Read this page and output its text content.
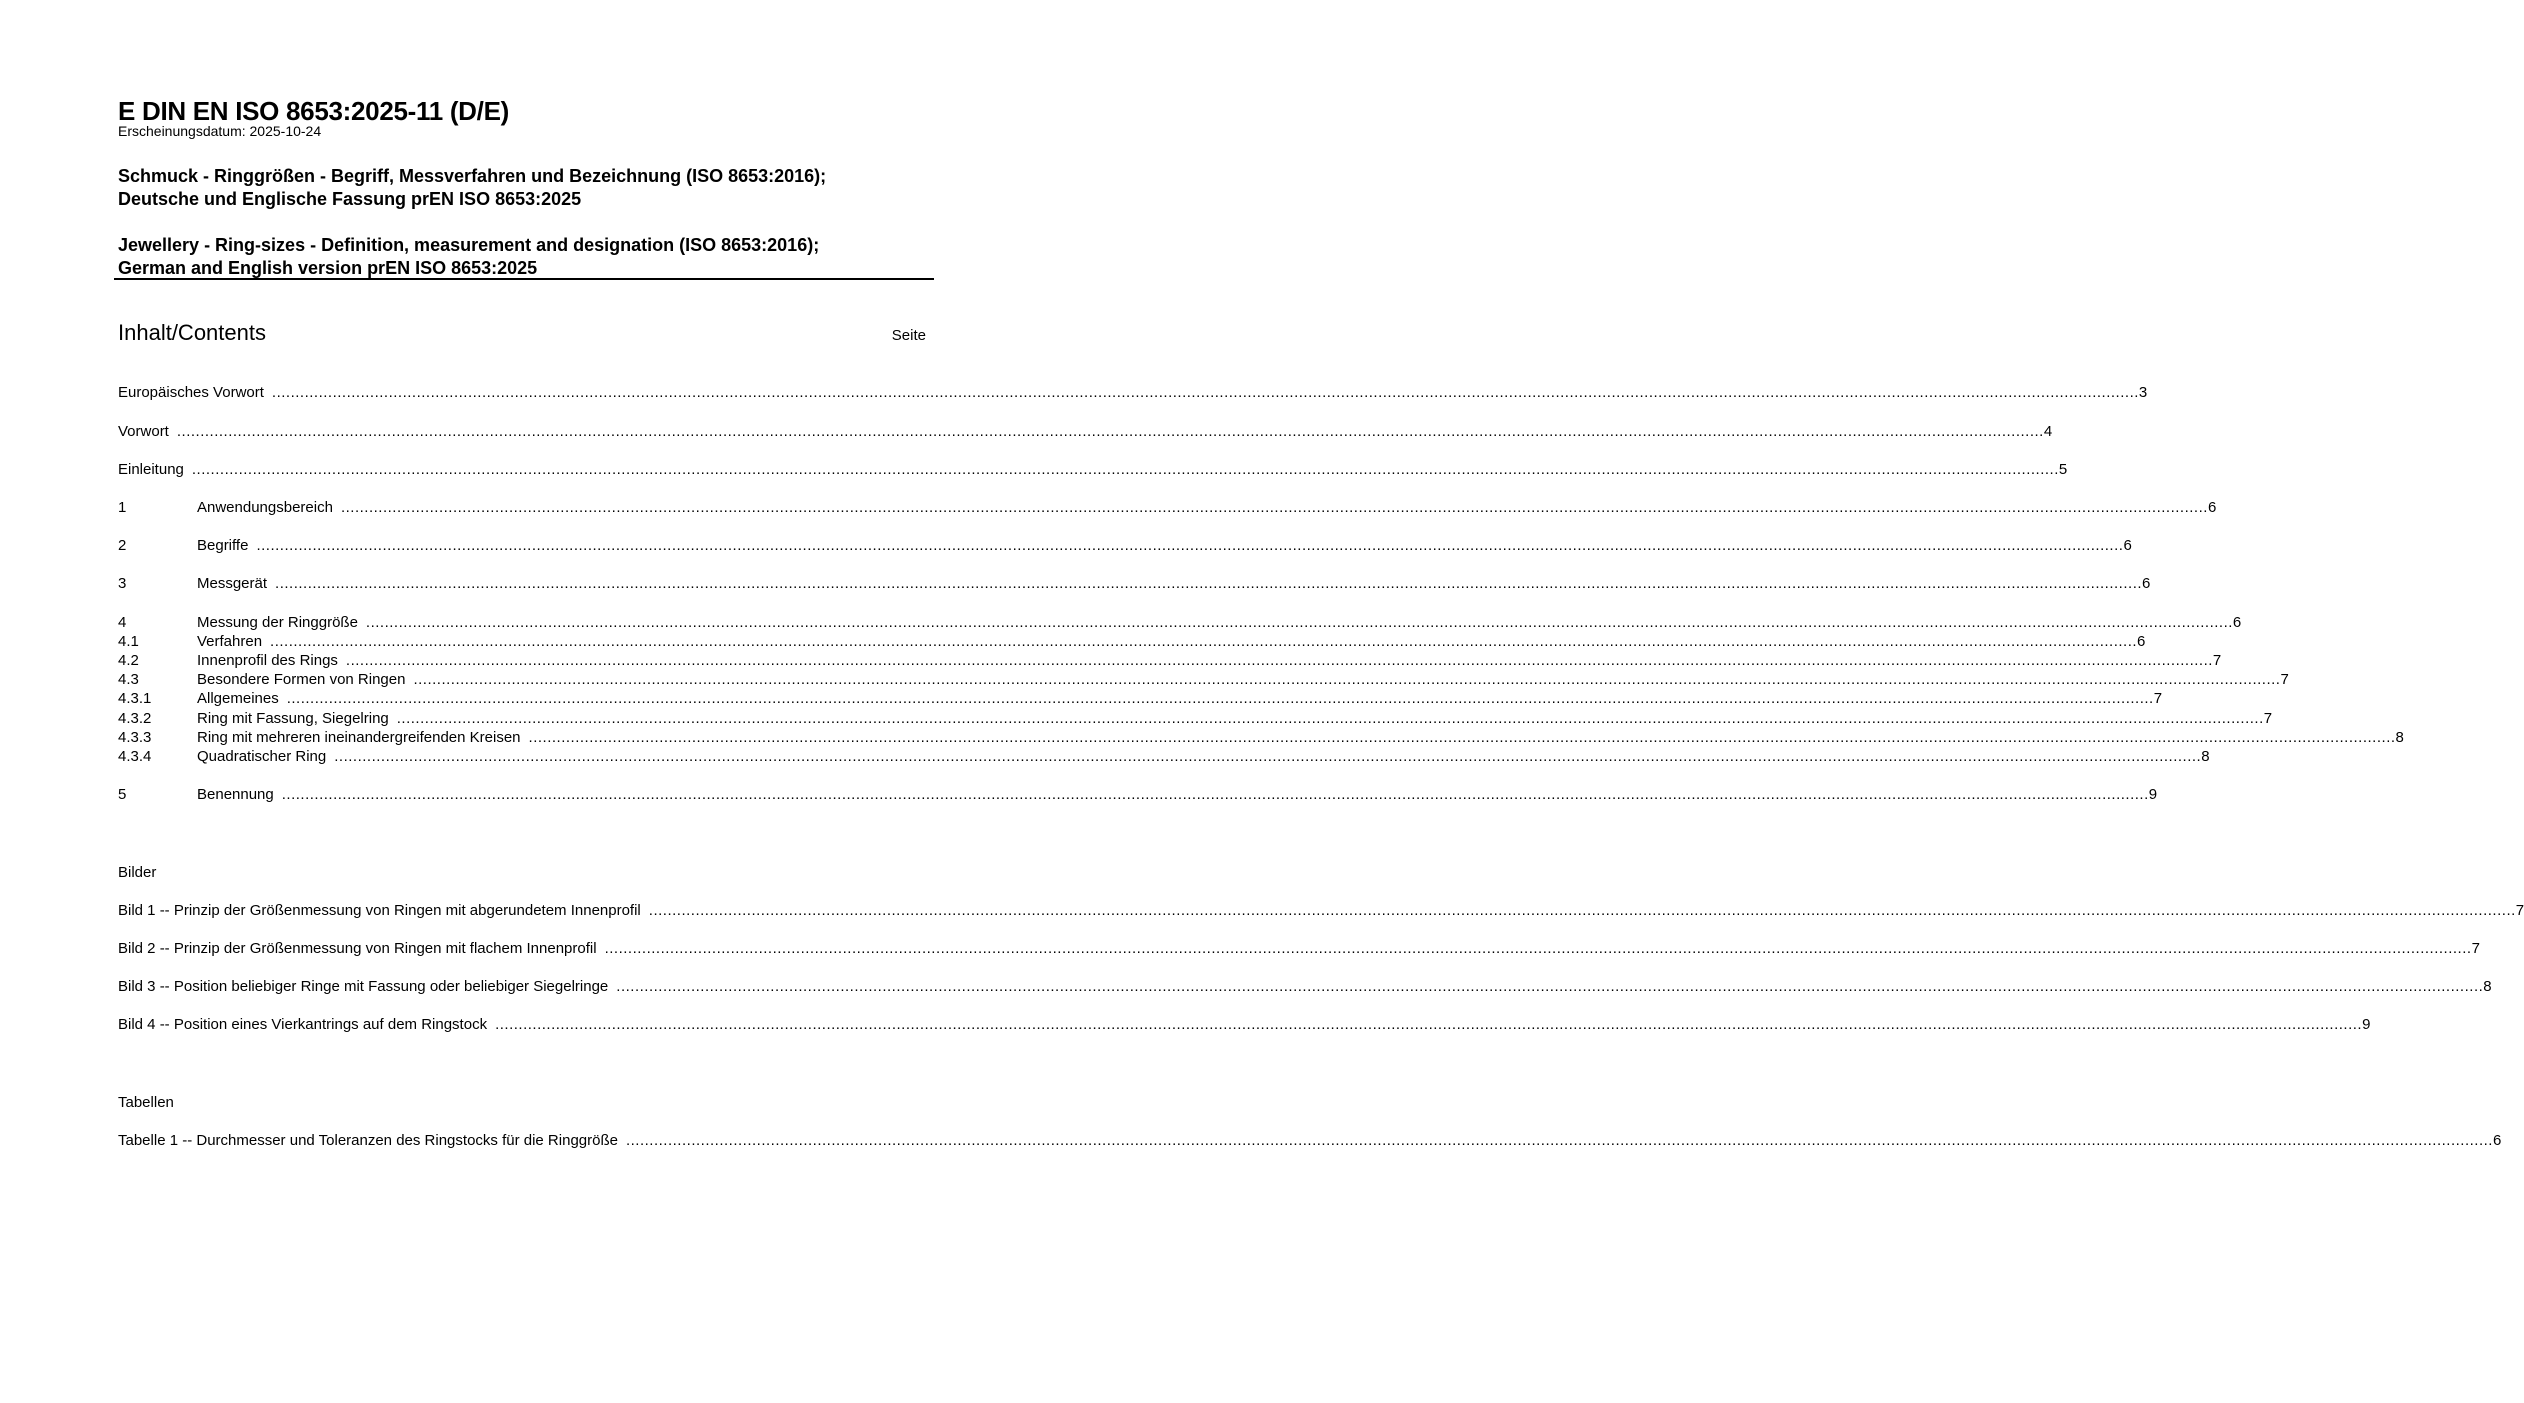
E DIN EN ISO 8653:2025-11 (D/E)
Erscheinungsdatum: 2025-10-24
Schmuck - Ringgrößen - Begriff, Messverfahren und Bezeichnung (ISO 8653:2016);
Deutsche und Englische Fassung prEN ISO 8653:2025
Jewellery - Ring-sizes - Definition, measurement and designation (ISO 8653:2016);
German and English version prEN ISO 8653:2025
Inhalt/Contents	Seite
Europäisches Vorwort ................................................................................................................................................................................................................................................................................................................................................................................................................ 3
Vorwort ................................................................................................................................................................................................................................................................................................................................................................................................................ 4
Einleitung ................................................................................................................................................................................................................................................................................................................................................................................................................ 5
1	Anwendungsbereich ................................................................................................................................................................................................................................................................................................................................................................................................................ 6
2	Begriffe ................................................................................................................................................................................................................................................................................................................................................................................................................ 6
3	Messgerät ................................................................................................................................................................................................................................................................................................................................................................................................................ 6
4	Messung der Ringgröße ................................................................................................................................................................................................................................................................................................................................................................................................................ 6
4.1	Verfahren ................................................................................................................................................................................................................................................................................................................................................................................................................ 6
4.2	Innenprofil des Rings ................................................................................................................................................................................................................................................................................................................................................................................................................ 7
4.3	Besondere Formen von Ringen ................................................................................................................................................................................................................................................................................................................................................................................................................ 7
4.3.1	Allgemeines ................................................................................................................................................................................................................................................................................................................................................................................................................ 7
4.3.2	Ring mit Fassung, Siegelring ................................................................................................................................................................................................................................................................................................................................................................................................................ 7
4.3.3	Ring mit mehreren ineinandergreifenden Kreisen ................................................................................................................................................................................................................................................................................................................................................................................................................ 8
4.3.4	Quadratischer Ring ................................................................................................................................................................................................................................................................................................................................................................................................................ 8
5	Benennung ................................................................................................................................................................................................................................................................................................................................................................................................................ 9
Bilder
Bild 1 -- Prinzip der Größenmessung von Ringen mit abgerundetem Innenprofil ................................................................................................................................................................................................................................................................................................................................................................................................................ 7
Bild 2 -- Prinzip der Größenmessung von Ringen mit flachem Innenprofil ................................................................................................................................................................................................................................................................................................................................................................................................................ 7
Bild 3 -- Position beliebiger Ringe mit Fassung oder beliebiger Siegelringe ................................................................................................................................................................................................................................................................................................................................................................................................................ 8
Bild 4 -- Position eines Vierkantrings auf dem Ringstock ................................................................................................................................................................................................................................................................................................................................................................................................................ 9
Tabellen
Tabelle 1 -- Durchmesser und Toleranzen des Ringstocks für die Ringgröße ................................................................................................................................................................................................................................................................................................................................................................................................................ 6
